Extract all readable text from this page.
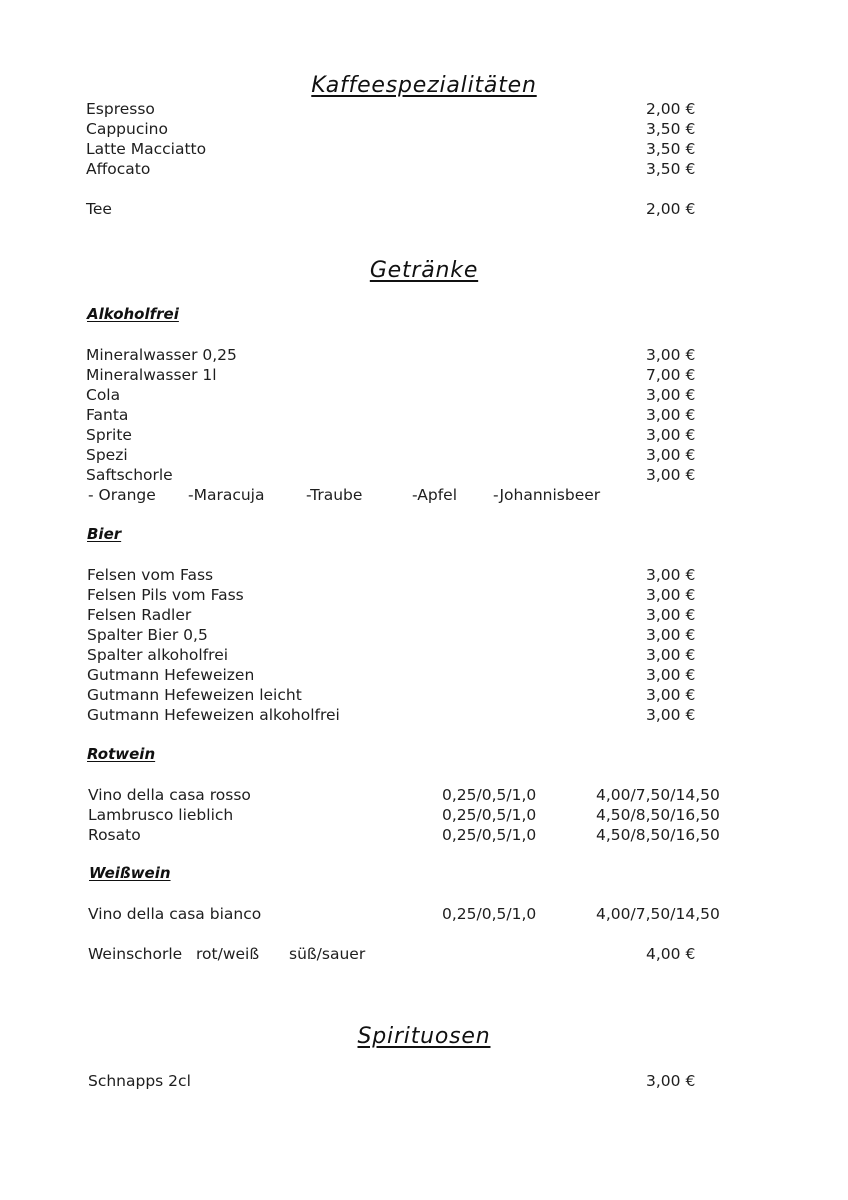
Kaffeespezialitäten
Espresso	2,00 €
Cappucino	3,50 €
Latte Macciatto	3,50 €
Affocato	3,50 €
Tee	2,00 €
Getränke
Alkoholfrei
Mineralwasser 0,25	3,00 €
Mineralwasser 1l	7,00 €
Cola	3,00 €
Fanta	3,00 €
Sprite	3,00 €
Spezi	3,00 €
Saftschorle	3,00 €
- Orange -Maracuja	-Traube	-Apfel -Johannisbeer
Bier
Felsen vom Fass	3,00 €
Felsen Pils vom Fass	3,00 €
Felsen Radler	3,00 €
Spalter Bier 0,5	3,00 €
Spalter alkoholfrei	3,00 €
Gutmann Hefeweizen	3,00 €
Gutmann Hefeweizen leicht	3,00 €
Gutmann Hefeweizen alkoholfrei	3,00 €
Rotwein
Vino della casa rosso	0,25/0,5/1,0	4,00/7,50/14,50
Lambrusco lieblich	0,25/0,5/1,0	4,50/8,50/16,50
Rosato	0,25/0,5/1,0	4,50/8,50/16,50
Weißwein
Vino della casa bianco	0,25/0,5/1,0	4,00/7,50/14,50
Weinschorle rot/weiß süß/sauer	4,00 €
Spirituosen
Schnapps 2cl	3,00 €
